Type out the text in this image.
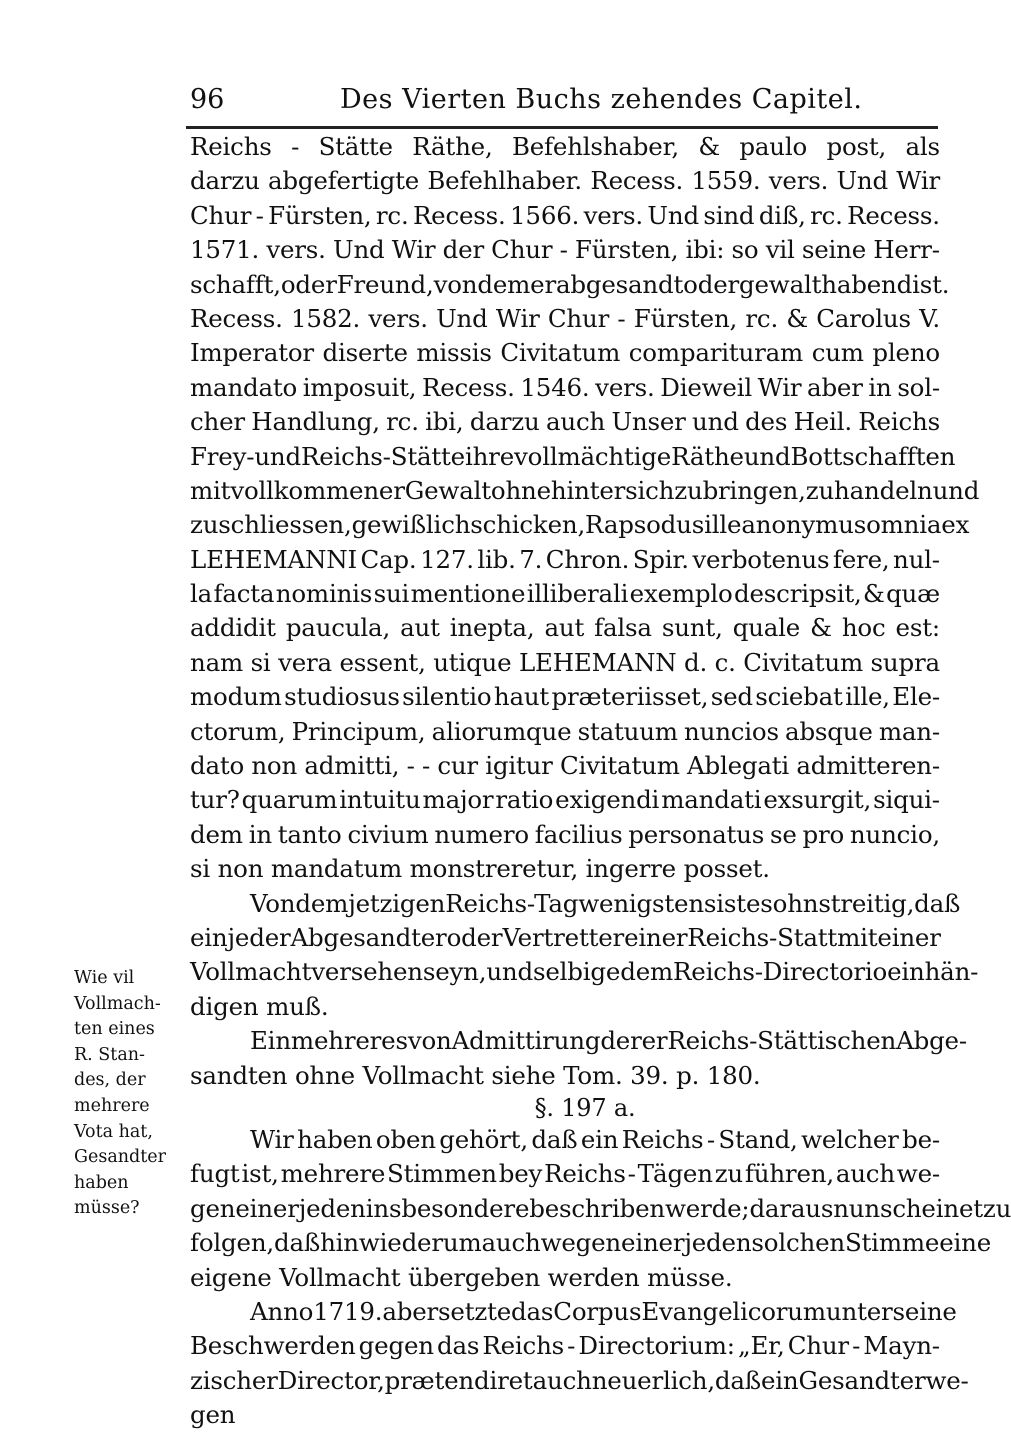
96	Des Vierten Buchs zehendes Capitel.
Reichs - Stätte Räthe, Befehlshaber, & paulo post, als
darzu abgefertigte Befehlhaber. Recess. 1559. vers. Und Wir
Chur - Fürsten, rc. Recess. 1566. vers. Und sind diß, rc. Recess.
1571. vers. Und Wir der Chur - Fürsten, ibi: so vil seine Herr-
schafft, oder Freund, von dem er abgesandt oder gewalthabend ist.
Recess. 1582. vers. Und Wir Chur - Fürsten, rc. & Carolus V.
Imperator diserte missis Civitatum comparituram cum pleno
mandato imposuit, Recess. 1546. vers. Dieweil Wir aber in sol-
cher Handlung, rc. ibi, darzu auch Unser und des Heil. Reichs
Frey- und Reichs-Stätte ihre vollmächtige Räthe und Bottschafften
mit vollkommener Gewalt ohne hinter sich zu bringen, zu handeln und
zu schliessen, gewißlich schicken, Rapsodus ille anonymus omnia ex
LEHEMANNI Cap. 127. lib. 7. Chron. Spir. verbotenus fere, nul-
la facta nominis sui mentione illiberali exemplo descripsit, & quæ
addidit paucula, aut inepta, aut falsa sunt, quale & hoc est:
nam si vera essent, utique LEHEMANN d. c. Civitatum supra
modum studiosus silentio haut præteriisset, sed sciebat ille, Ele-
ctorum, Principum, aliorumque statuum nuncios absque man-
dato non admitti, - - cur igitur Civitatum Ablegati admitteren-
tur? quarum intuitu major ratio exigendi mandati exsurgit, siqui-
dem in tanto civium numero facilius personatus se pro nuncio,
si non mandatum monstreretur, ingerre posset.
Von dem jetzigen Reichs-Tag wenigstens ist es ohnstreitig, daß
ein jeder Abgesandter oder Vertretter einer Reichs - Statt mit einer
Vollmacht versehen seyn, und selbige dem Reichs-Directorio einhän-
digen muß.
Ein mehreres von Admittirung derer Reichs-Stättischen Abge-
sandten ohne Vollmacht siehe Tom. 39. p. 180.
§. 197 a.
Wir haben oben gehört, daß ein Reichs - Stand, welcher be-
fugt ist, mehrere Stimmen bey Reichs - Tägen zu führen, auch we-
gen einer jeden ins besondere beschriben werde; daraus nun scheinet zu
folgen, daß hinwiederum auch wegen einer jeden solchen Stimme eine
eigene Vollmacht übergeben werden müsse.
Anno 1719. aber setzte das Corpus Evangelicorum unter seine
Beschwerden gegen das Reichs - Directorium: „Er, Chur - Mayn-
zischer Director, prætendiret auch neuerlich, daß ein Gesandter we-
gen
Wie vil
Vollmach-
ten eines
R. Stan-
des, der
mehrere
Vota hat,
Gesandter
haben
müsse?
